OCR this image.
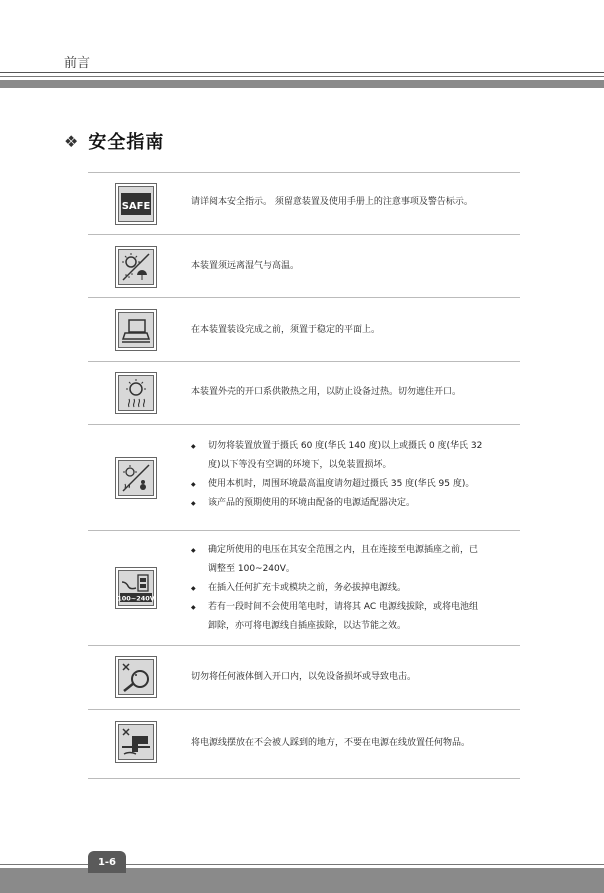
前言
❖ 安全指南
SAFE	请详阅本安全指示。 须留意装置及使用手册上的注意事项及警告标示。
本装置须远离湿气与高温。
在本装置装设完成之前，须置于稳定的平面上。
本装置外壳的开口系供散热之用，以防止设备过热。切勿遮住开口。
◆ 切勿将装置放置于摄氏 60 度(华氏 140 度)以上或摄氏 0 度(华氏 32
度)以下等没有空调的环境下，以免装置损坏。
◆ 使用本机时，周围环境最高温度请勿超过摄氏 35 度(华氏 95 度)。
◆ 该产品的预期使用的环境由配备的电源适配器决定。
100~240V
◆ 确定所使用的电压在其安全范围之内，且在连接至电源插座之前，已
调整至 100~240V。
◆ 在插入任何扩充卡或模块之前，务必拔掉电源线。
◆ 若有一段时间不会使用笔电时，请将其 AC 电源线拔除，或将电池组
卸除，亦可将电源线自插座拔除，以达节能之效。
切勿将任何液体倒入开口内，以免设备损坏或导致电击。
将电源线摆放在不会被人踩到的地方，不要在电源在线放置任何物品。
1-6
